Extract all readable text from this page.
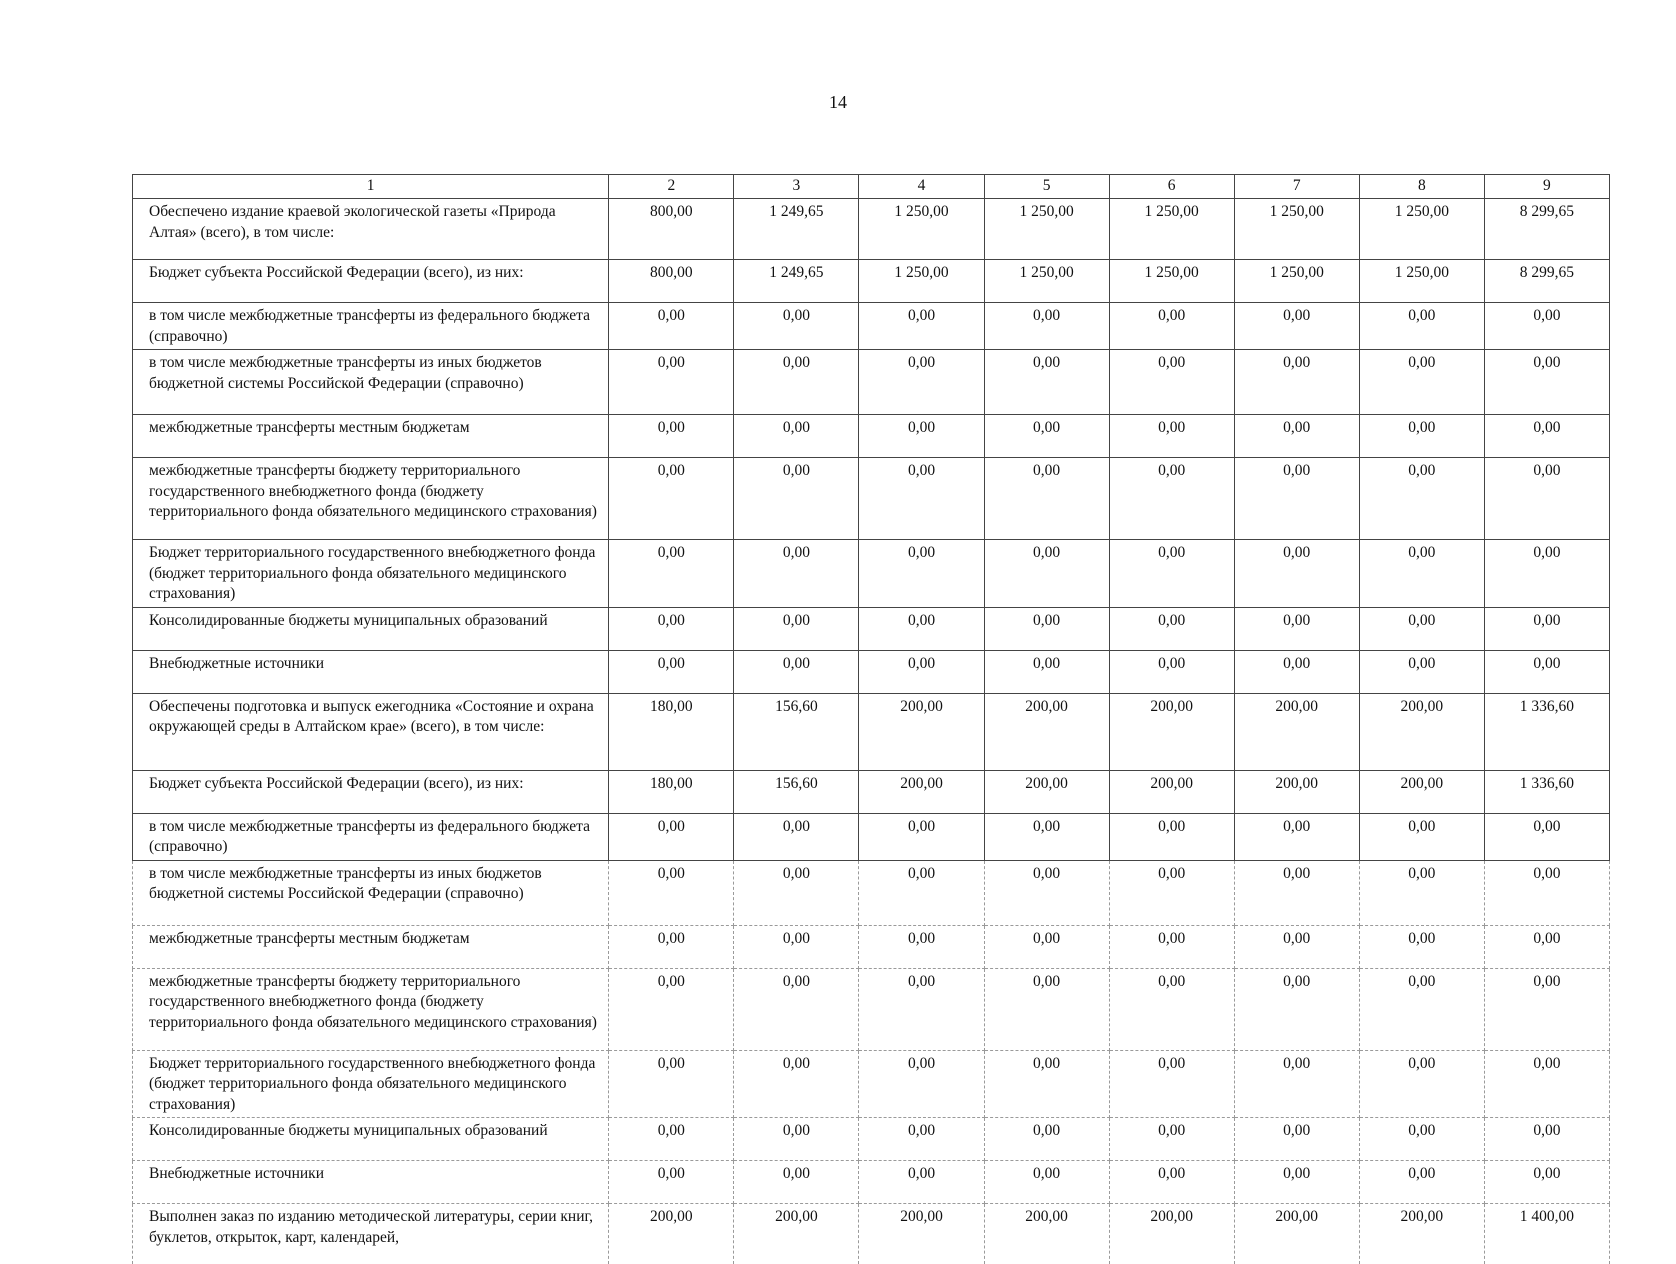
14
1	2	3	4	5	6	7	8	9
Обеспечено издание краевой экологической газеты «Природа Алтая» (всего), в том числе:	800,00	1 249,65	1 250,00	1 250,00	1 250,00	1 250,00	1 250,00	8 299,65
Бюджет субъекта Российской Федерации (всего), из них:	800,00	1 249,65	1 250,00	1 250,00	1 250,00	1 250,00	1 250,00	8 299,65
в том числе межбюджетные трансферты из федерального бюджета (справочно)	0,00	0,00	0,00	0,00	0,00	0,00	0,00	0,00
в том числе межбюджетные трансферты из иных бюджетов бюджетной системы Российской Федерации (справочно)	0,00	0,00	0,00	0,00	0,00	0,00	0,00	0,00
межбюджетные трансферты местным бюджетам	0,00	0,00	0,00	0,00	0,00	0,00	0,00	0,00
межбюджетные трансферты бюджету территориального государственного внебюджетного фонда (бюджету территориального фонда обязательного медицинского страхования)	0,00	0,00	0,00	0,00	0,00	0,00	0,00	0,00
Бюджет территориального государственного внебюджетного фонда (бюджет территориального фонда обязательного медицинского страхования)	0,00	0,00	0,00	0,00	0,00	0,00	0,00	0,00
Консолидированные бюджеты муниципальных образований	0,00	0,00	0,00	0,00	0,00	0,00	0,00	0,00
Внебюджетные источники	0,00	0,00	0,00	0,00	0,00	0,00	0,00	0,00
Обеспечены подготовка и выпуск ежегодника «Состояние и охрана окружающей среды в Алтайском крае» (всего), в том числе:	180,00	156,60	200,00	200,00	200,00	200,00	200,00	1 336,60
Бюджет субъекта Российской Федерации (всего), из них:	180,00	156,60	200,00	200,00	200,00	200,00	200,00	1 336,60
в том числе межбюджетные трансферты из федерального бюджета (справочно)	0,00	0,00	0,00	0,00	0,00	0,00	0,00	0,00
в том числе межбюджетные трансферты из иных бюджетов бюджетной системы Российской Федерации (справочно)	0,00	0,00	0,00	0,00	0,00	0,00	0,00	0,00
межбюджетные трансферты местным бюджетам	0,00	0,00	0,00	0,00	0,00	0,00	0,00	0,00
межбюджетные трансферты бюджету территориального государственного внебюджетного фонда (бюджету территориального фонда обязательного медицинского страхования)	0,00	0,00	0,00	0,00	0,00	0,00	0,00	0,00
Бюджет территориального государственного внебюджетного фонда (бюджет территориального фонда обязательного медицинского страхования)	0,00	0,00	0,00	0,00	0,00	0,00	0,00	0,00
Консолидированные бюджеты муниципальных образований	0,00	0,00	0,00	0,00	0,00	0,00	0,00	0,00
Внебюджетные источники	0,00	0,00	0,00	0,00	0,00	0,00	0,00	0,00
Выполнен заказ по изданию методической литературы, серии книг, буклетов, открыток, карт, календарей,	200,00	200,00	200,00	200,00	200,00	200,00	200,00	1 400,00
